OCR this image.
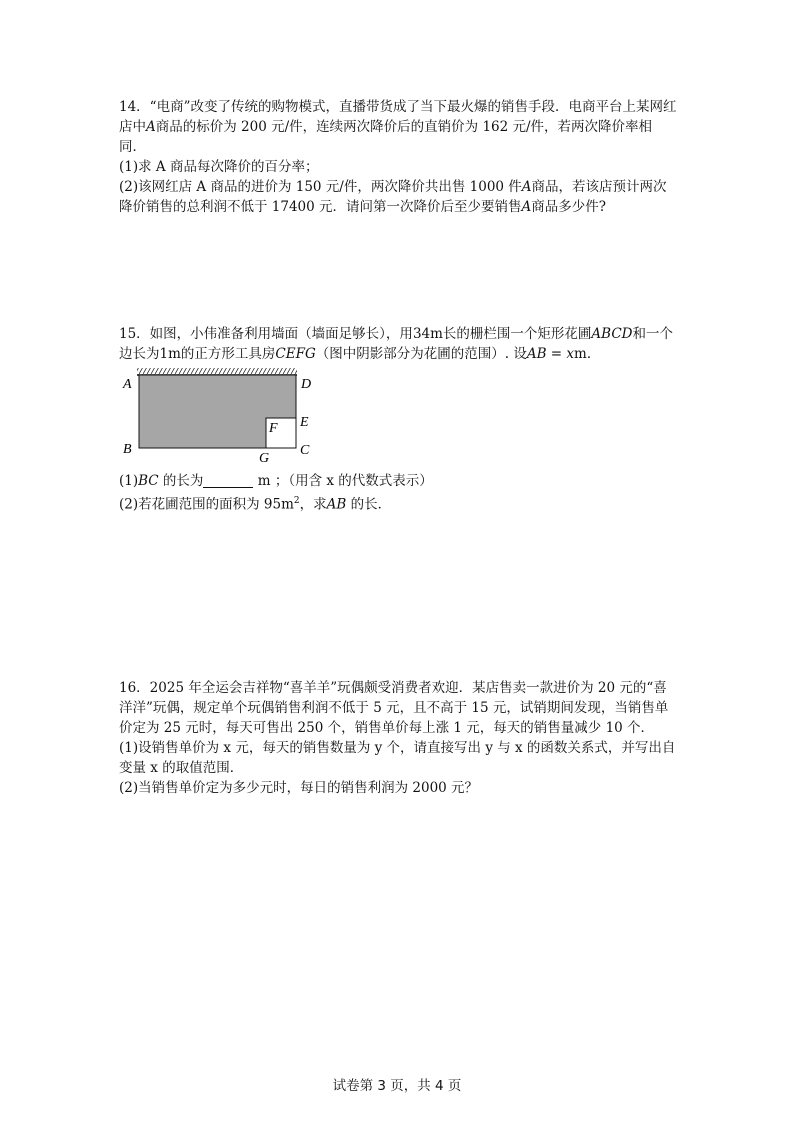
14．“电商”改变了传统的购物模式，直播带货成了当下最火爆的销售手段．电商平台上某网红店中A商品的标价为 200 元/件，连续两次降价后的直销价为 162 元/件，若两次降价率相同．

(1)求 A 商品每次降价的百分率；

(2)该网红店 A 商品的进价为 150 元/件，两次降价共出售 1000 件A商品，若该店预计两次降价销售的总利润不低于 17400 元．请问第一次降价后至少要销售A商品多少件?

15．如图，小伟准备利用墙面（墙面足够长），用34m长的栅栏围一个矩形花圃ABCD和一个边长为1m的正方形工具房CEFG（图中阴影部分为花圃的范围）. 设AB = xm．

A	D
E
F
B	C
G

(1)BC 的长为	m ；（用含 x 的代数式表示）

(2)若花圃范围的面积为 $95m^2$，求AB 的长．

16．2025 年全运会吉祥物“喜羊羊”玩偶颇受消费者欢迎．某店售卖一款进价为 20 元的“喜洋洋”玩偶，规定单个玩偶销售利润不低于 5 元，且不高于 15 元，试销期间发现，当销售单价定为 25 元时，每天可售出 250 个，销售单价每上涨 1 元，每天的销售量减少 10 个．

(1)设销售单价为 x 元，每天的销售数量为 y 个，请直接写出 y 与 x 的函数关系式，并写出自变量 x 的取值范围．

(2)当销售单价定为多少元时，每日的销售利润为 2000 元？

试卷第 3 页，共 4 页
